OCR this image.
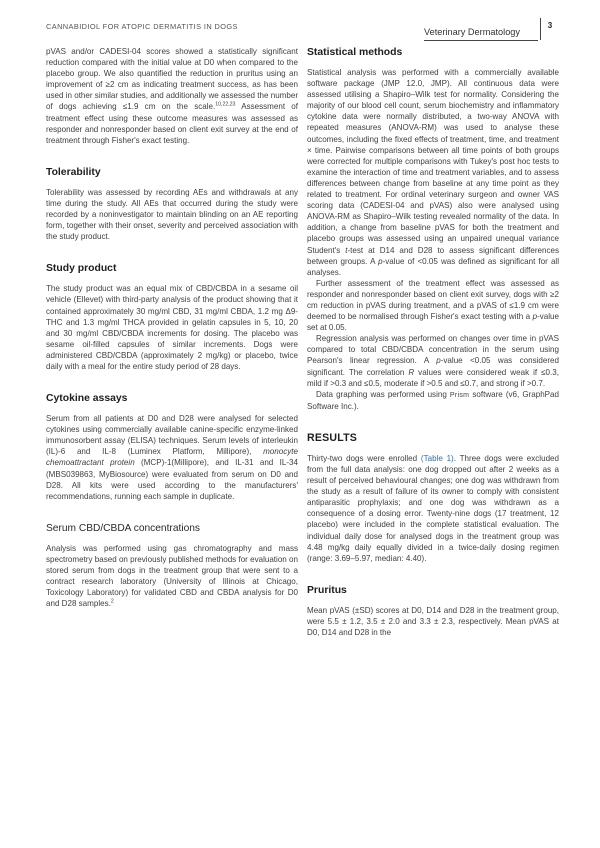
CANNABIDIOL FOR ATOPIC DERMATITIS IN DOGS
Veterinary Dermatology
3

pVAS and/or CADESI-04 scores showed a statistically significant reduction compared with the initial value at D0 when compared to the placebo group. We also quantified the reduction in pruritus using an improvement of ≥2 cm as indicating treatment success, as has been used in other similar studies, and additionally we assessed the number of dogs achieving ≤1.9 cm on the scale.$^{10,22,23}$ Assessment of treatment effect using these outcome measures was assessed as responder and nonresponder based on client exit survey at the end of treatment through Fisher's exact testing.

Tolerability

Tolerability was assessed by recording AEs and withdrawals at any time during the study. All AEs that occurred during the study were recorded by a noninvestigator to maintain blinding on an AE reporting form, together with their onset, severity and perceived association with the study product.

Study product

The study product was an equal mix of CBD/CBDA in a sesame oil vehicle (Ellevet) with third-party analysis of the product showing that it contained approximately 30 mg/ml CBD, 31 mg/ml CBDA, 1.2 mg Δ9-THC and 1.3 mg/ml THCA provided in gelatin capsules in 5, 10, 20 and 30 mg/ml CBD/CBDA increments for dosing. The placebo was sesame oil-filled capsules of similar increments. Dogs were administered CBD/CBDA (approximately 2 mg/kg) or placebo, twice daily with a meal for the entire study period of 28 days.

Cytokine assays

Serum from all patients at D0 and D28 were analysed for selected cytokines using commercially available canine-specific enzyme-linked immunosorbent assay (ELISA) techniques. Serum levels of interleukin (IL)-6 and IL-8 (Luminex Platform, Millipore), monocyte chemoattractant protein (MCP)-1(Millipore), and IL-31 and IL-34 (MBS039863, MyBiosource) were evaluated from serum on D0 and D28. All kits were used according to the manufacturers' recommendations, running each sample in duplicate.

Serum CBD/CBDA concentrations

Analysis was performed using gas chromatography and mass spectrometry based on previously published methods for evaluation on stored serum from dogs in the treatment group that were sent to a contract research laboratory (University of Illinois at Chicago, Toxicology Laboratory) for validated CBD and CBDA analysis for D0 and D28 samples.$^2$

Statistical methods

Statistical analysis was performed with a commercially available software package (JMP 12.0, JMP). All continuous data were assessed utilising a Shapiro–Wilk test for normality. Considering the majority of our blood cell count, serum biochemistry and inflammatory cytokine data were normally distributed, a two-way ANOVA with repeated measures (ANOVA-RM) was used to analyse these outcomes, including the fixed effects of treatment, time, and treatment × time. Pairwise comparisons between all time points of both groups were corrected for multiple comparisons with Tukey's post hoc tests to examine the interaction of time and treatment variables, and to assess differences between change from baseline at any time point as they related to treatment. For ordinal veterinary surgeon and owner VAS scoring data (CADESI-04 and pVAS) also were analysed using ANOVA-RM as Shapiro–Wilk testing revealed normality of the data. In addition, a change from baseline pVAS for both the treatment and placebo groups was assessed using an unpaired unequal variance Student's t-test at D14 and D28 to assess significant differences between groups. A p-value of <0.05 was defined as significant for all analyses.

Further assessment of the treatment effect was assessed as responder and nonresponder based on client exit survey, dogs with ≥2 cm reduction in pVAS during treatment, and a pVAS of ≤1.9 cm were deemed to be normalised through Fisher's exact testing with a p-value set at 0.05.

Regression analysis was performed on changes over time in pVAS compared to total CBD/CBDA concentration in the serum using Pearson's linear regression. A p-value <0.05 was considered significant. The correlation R values were considered weak if ≤0.3, mild if >0.3 and ≤0.5, moderate if >0.5 and ≤0.7, and strong if >0.7.

Data graphing was performed using Prism software (v6, GraphPad Software Inc.).

RESULTS

Thirty-two dogs were enrolled (Table 1). Three dogs were excluded from the full data analysis: one dog dropped out after 2 weeks as a result of perceived behavioural changes; one dog was withdrawn from the study as a result of failure of its owner to comply with consistent antiparasitic prophylaxis; and one dog was withdrawn as a consequence of a dosing error. Twenty-nine dogs (17 treatment, 12 placebo) were included in the complete statistical evaluation. The individual daily dose for analysed dogs in the treatment group was 4.48 mg/kg daily equally divided in a twice-daily dosing regimen (range: 3.69–5.97, median: 4.40).

Pruritus

Mean pVAS (±SD) scores at D0, D14 and D28 in the treatment group, were 5.5 ± 1.2, 3.5 ± 2.0 and 3.3 ± 2.3, respectively. Mean pVAS at D0, D14 and D28 in the
